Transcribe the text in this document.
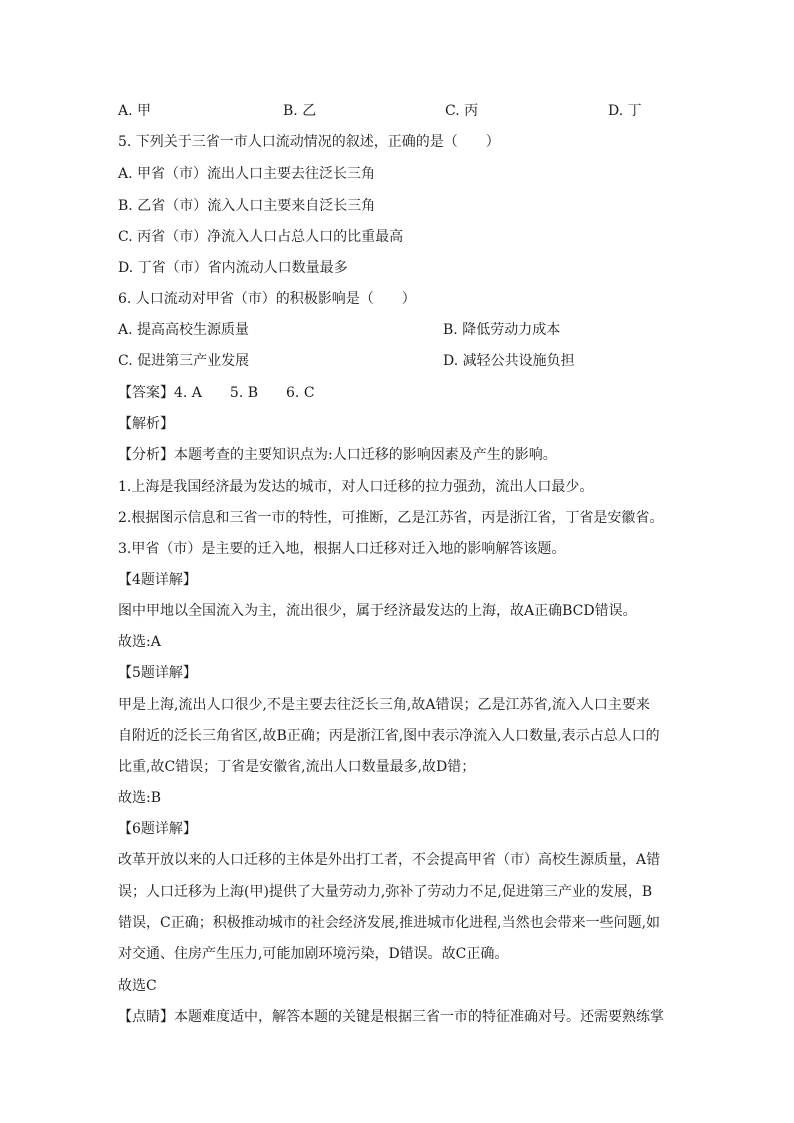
A. 甲	B. 乙	C. 丙	D. 丁
5. 下列关于三省一市人口流动情况的叙述，正确的是（　　）
A. 甲省（市）流出人口主要去往泛长三角
B. 乙省（市）流入人口主要来自泛长三角
C. 丙省（市）净流入人口占总人口的比重最高
D. 丁省（市）省内流动人口数量最多
6. 人口流动对甲省（市）的积极影响是（　　）
A. 提高高校生源质量	B. 降低劳动力成本
C. 促进第三产业发展	D. 减轻公共设施负担
【答案】4. A　　5. B　　6. C
【解析】
【分析】本题考查的主要知识点为:人口迁移的影响因素及产生的影响。
1.上海是我国经济最为发达的城市，对人口迁移的拉力强劲，流出人口最少。
2.根据图示信息和三省一市的特性，可推断，乙是江苏省，丙是浙江省，丁省是安徽省。
3.甲省（市）是主要的迁入地，根据人口迁移对迁入地的影响解答该题。
【4题详解】
图中甲地以全国流入为主，流出很少，属于经济最发达的上海，故A正确BCD错误。
故选:A
【5题详解】
甲是上海,流出人口很少,不是主要去往泛长三角,故A错误；乙是江苏省,流入人口主要来
自附近的泛长三角省区,故B正确；丙是浙江省,图中表示净流入人口数量,表示占总人口的
比重,故C错误；丁省是安徽省,流出人口数量最多,故D错；
故选:B
【6题详解】
改革开放以来的人口迁移的主体是外出打工者，不会提高甲省（市）高校生源质量，A错
误；人口迁移为上海(甲)提供了大量劳动力,弥补了劳动力不足,促进第三产业的发展，B
错误，C正确；积极推动城市的社会经济发展,推进城市化进程,当然也会带来一些问题,如
对交通、住房产生压力,可能加剧环境污染，D错误。故C正确。
故选C
【点睛】本题难度适中，解答本题的关键是根据三省一市的特征准确对号。还需要熟练掌
